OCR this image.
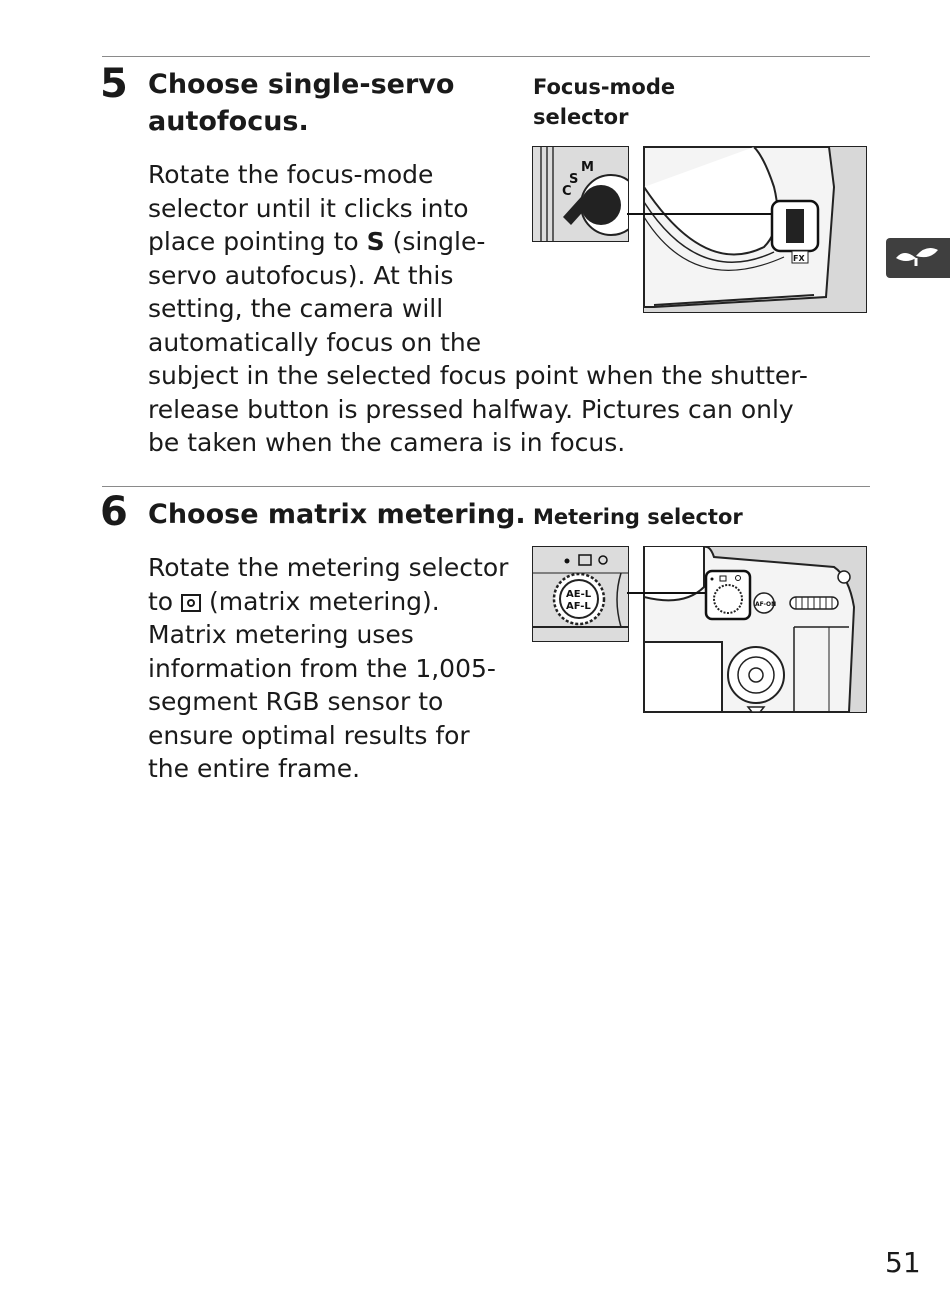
5 Choose single-servo
autofocus.
Focus-mode
selector

Rotate the focus-mode selector until it clicks into place pointing to S (single-servo autofocus). At this setting, the camera will automatically focus on the subject in the selected focus point when the shutter-release button is pressed halfway. Pictures can only be taken when the camera is in focus.

M
S
C
FX
6 Choose matrix metering. Metering selector

Rotate the metering selector to  (matrix metering). Matrix metering uses information from the 1,005-segment RGB sensor to ensure optimal results for the entire frame.

AE-L
AF-L	AF-ON
51
